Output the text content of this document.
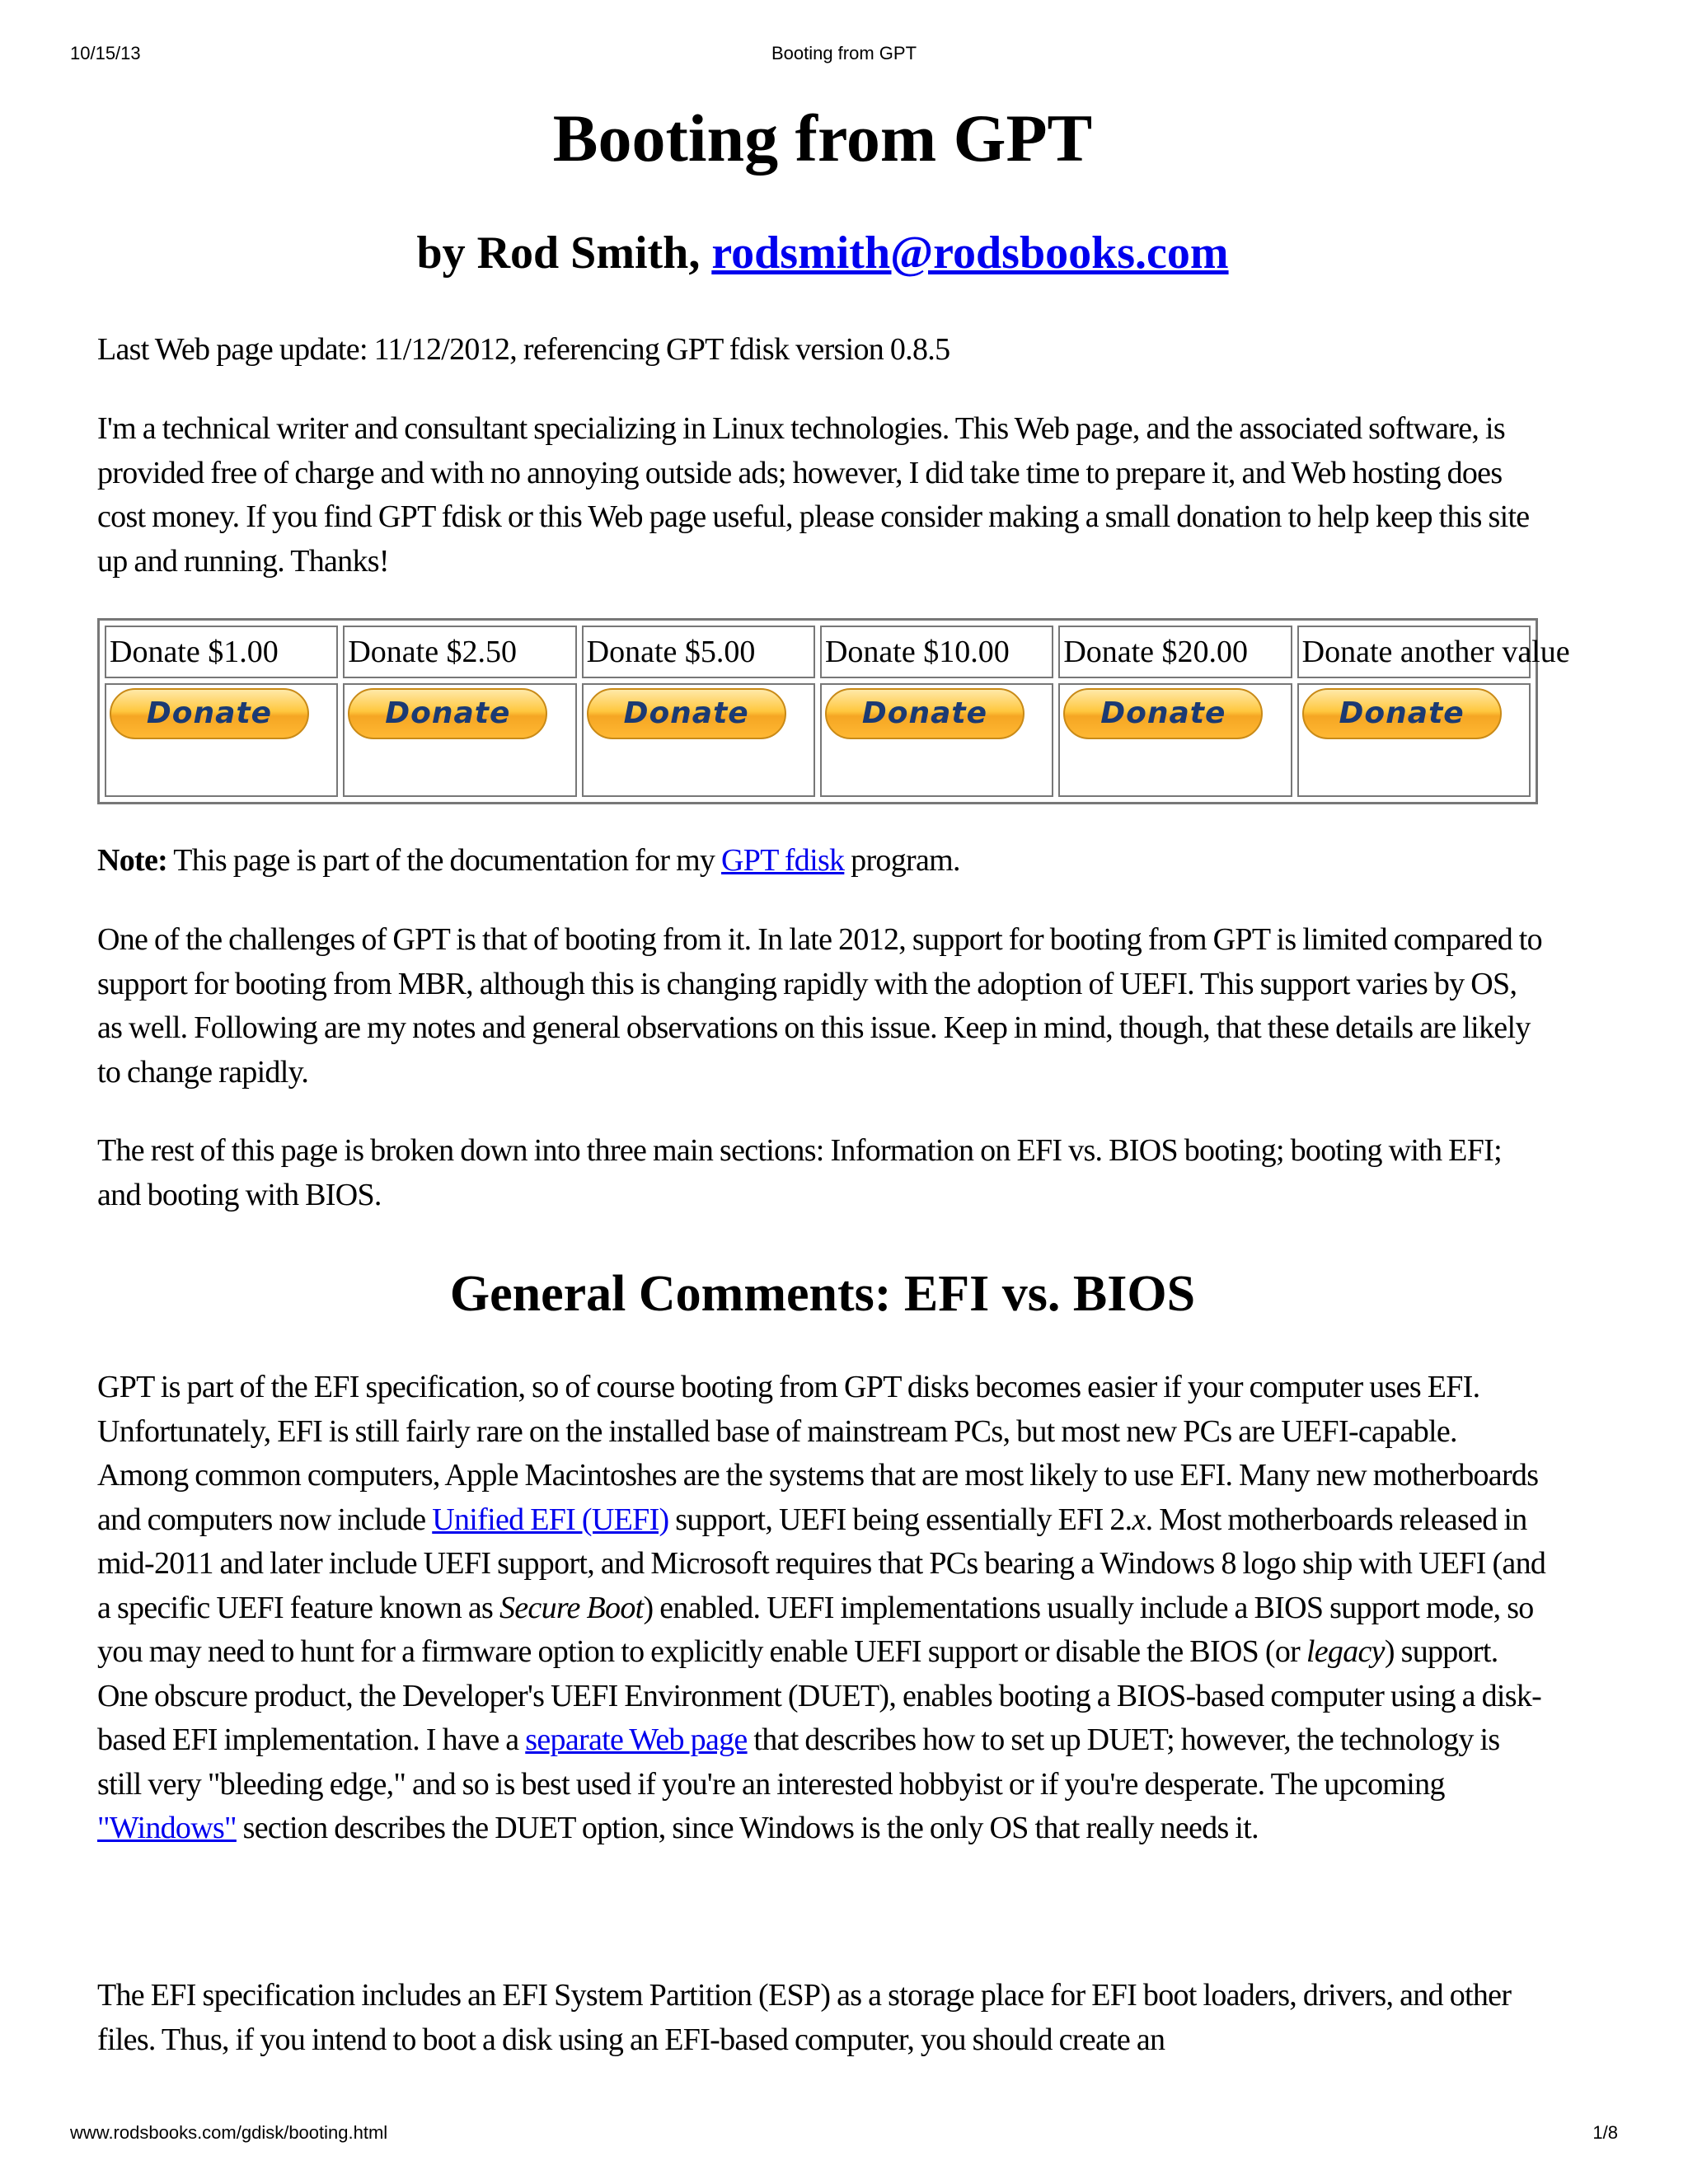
10/15/13	Booting from GPT
Booting from GPT
by Rod Smith, rodsmith@rodsbooks.com

Last Web page update: 11/12/2012, referencing GPT fdisk version 0.8.5

I'm a technical writer and consultant specializing in Linux technologies. This Web page, and the associated software, is provided free of charge and with no annoying outside ads; however, I did take time to prepare it, and Web hosting does cost money. If you find GPT fdisk or this Web page useful, please consider making a small donation to help keep this site up and running. Thanks!

Donate $1.00	Donate $2.50	Donate $5.00	Donate $10.00	Donate $20.00	Donate another value
Donate	Donate	Donate	Donate	Donate	Donate

Note: This page is part of the documentation for my GPT fdisk program.

One of the challenges of GPT is that of booting from it. In late 2012, support for booting from GPT is limited compared to support for booting from MBR, although this is changing rapidly with the adoption of UEFI. This support varies by OS, as well. Following are my notes and general observations on this issue. Keep in mind, though, that these details are likely to change rapidly.

The rest of this page is broken down into three main sections: Information on EFI vs. BIOS booting; booting with EFI; and booting with BIOS.

General Comments: EFI vs. BIOS

GPT is part of the EFI specification, so of course booting from GPT disks becomes easier if your computer uses EFI. Unfortunately, EFI is still fairly rare on the installed base of mainstream PCs, but most new PCs are UEFI-capable. Among common computers, Apple Macintoshes are the systems that are most likely to use EFI. Many new motherboards and computers now include Unified EFI (UEFI) support, UEFI being essentially EFI 2.x. Most motherboards released in mid-2011 and later include UEFI support, and Microsoft requires that PCs bearing a Windows 8 logo ship with UEFI (and a specific UEFI feature known as Secure Boot) enabled. UEFI implementations usually include a BIOS support mode, so you may need to hunt for a firmware option to explicitly enable UEFI support or disable the BIOS (or legacy) support. One obscure product, the Developer's UEFI Environment (DUET), enables booting a BIOS-based computer using a disk-based EFI implementation. I have a separate Web page that describes how to set up DUET; however, the technology is still very "bleeding edge," and so is best used if you're an interested hobbyist or if you're desperate. The upcoming "Windows" section describes the DUET option, since Windows is the only OS that really needs it.

The EFI specification includes an EFI System Partition (ESP) as a storage place for EFI boot loaders, drivers, and other files. Thus, if you intend to boot a disk using an EFI-based computer, you should create an

www.rodsbooks.com/gdisk/booting.html	1/8
